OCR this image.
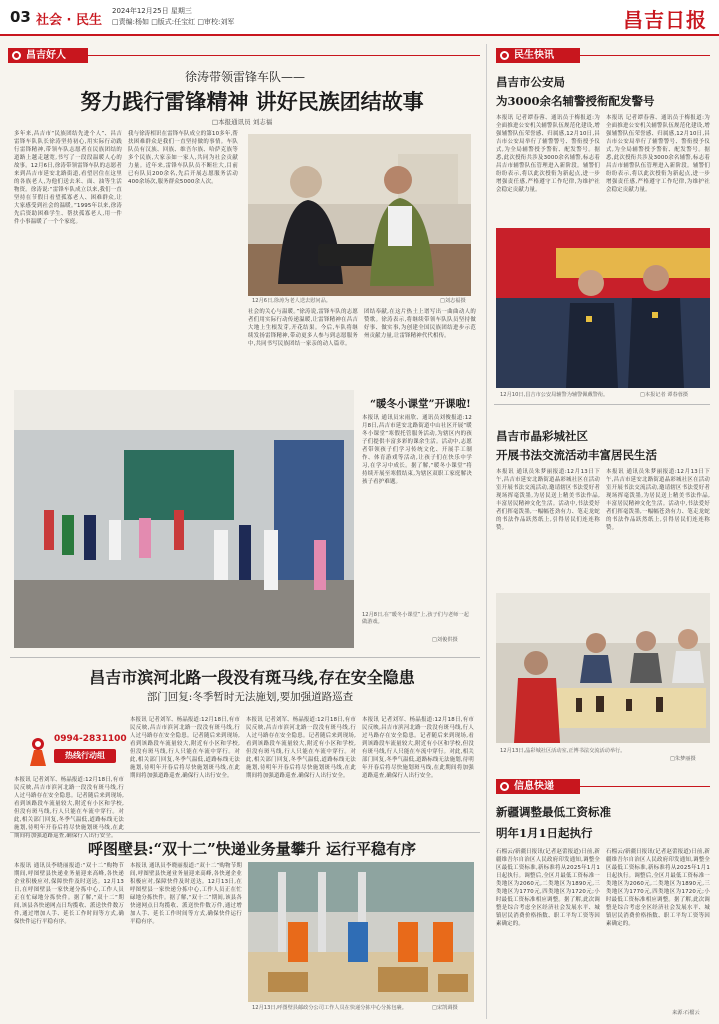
03 社会 · 民生
2024年12月25日 星期三
□责编:杨如 □版式:任宝红 □审校:刘军	昌吉日报
昌吉好人
徐涛带领雷锋车队——
努力践行雷锋精神 讲好民族团结故事
□本报通讯员 刘志福
多年来,昌吉市“民族团结先进个人”、昌吉雷锋车队队长徐涛坚持初心,用实际行动践行雷锋精神,带领车队志愿者在民族团结的道路上越走越宽,书写了一段段温暖人心的故事。12月6日,徐涛带领雷锋车队的志愿者来到昌吉市延安北路街道,看望居住在这里的各族老人,为他们送去米、面、油等生活物资。徐涛说:“雷锋车队成立以来,我们一直坚持在节假日看望孤寡老人、困难群众,让大家感受到社会的温暖。”1995年以来,徐涛先后资助困难学生、帮扶孤寡老人,用一件件小事温暖了一个个家庭。
我与徐涛相识在雷锋车队成立的第10多年,帮扶困难群众是我们一直坚持做的事情。车队队员有汉族、回族、维吾尔族、哈萨克族等多个民族,大家亲如一家人,共同为社会贡献力量。近年来,雷锋车队队员不断壮大,目前已有队员200余名,先后开展志愿服务活动400余场次,服务群众5000余人次。
12月6日,徐涛为老人送去慰问品。	□刘志福摄
社会的关心与温暖。”徐涛说,雷锋车队的志愿者们用实际行动传递温暖,让雷锋精神在昌吉大地上生根发芽,开花结果。今后,车队将继续发扬雷锋精神,带动更多人参与到志愿服务中,共同书写民族团结一家亲的动人篇章。
团结奉献,在这片热土上谱写出一曲曲动人的赞歌。徐涛表示,将继续带领车队队员坚持做好事、做实事,为创建全国民族团结进步示范州贡献力量,让雷锋精神代代相传。
“暖冬小课堂”开课啦!
本报讯 通讯员宋雨欣、通讯员刘俊报道:12月8日,昌吉市延安北路街道中山社区开展“暖冬小课堂”寒假托管服务活动,为辖区内的孩子们提供丰富多彩的课余生活。活动中,志愿者带领孩子们学习传统文化、开展手工制作、体育游戏等活动,让孩子们在快乐中学习,在学习中成长。据了解,“暖冬小课堂”将持续开展至寒假结束,为辖区双职工家庭解决孩子看护难题。
12月8日,在“暖冬小课堂”上,孩子们与老师一起做游戏。
□刘俊供摄
昌吉市滨河北路一段没有斑马线,存在安全隐患
部门回复:冬季暂时无法施划,要加强道路巡查
0994-2831100
热线行动组
本报讯 记者刘军、杨晶报道:12月18日,有市民反映,昌吉市滨河北路一段没有斑马线,行人过马路存在安全隐患。记者随后来到现场,看到该路段车流量较大,附近有小区和学校,但没有斑马线,行人只能在车流中穿行。对此,相关部门回复,冬季气温低,道路标线无法施划,待明年开春后将尽快施划斑马线,在此期间将加强道路巡查,确保行人出行安全。
本报讯 记者刘军、杨晶报道:12月18日,有市民反映,昌吉市滨河北路一段没有斑马线,行人过马路存在安全隐患。记者随后来到现场,看到该路段车流量较大,附近有小区和学校,但没有斑马线,行人只能在车流中穿行。对此,相关部门回复,冬季气温低,道路标线无法施划,待明年开春后将尽快施划斑马线,在此期间将加强道路巡查,确保行人出行安全。
本报讯 记者刘军、杨晶报道:12月18日,有市民反映,昌吉市滨河北路一段没有斑马线,行人过马路存在安全隐患。记者随后来到现场,看到该路段车流量较大,附近有小区和学校,但没有斑马线,行人只能在车流中穿行。对此,相关部门回复,冬季气温低,道路标线无法施划,待明年开春后将尽快施划斑马线,在此期间将加强道路巡查,确保行人出行安全。
本报讯 记者刘军、杨晶报道:12月18日,有市民反映,昌吉市滨河北路一段没有斑马线,行人过马路存在安全隐患。记者随后来到现场,看到该路段车流量较大,附近有小区和学校,但没有斑马线,行人只能在车流中穿行。对此,相关部门回复,冬季气温低,道路标线无法施划,待明年开春后将尽快施划斑马线,在此期间将加强道路巡查,确保行人出行安全。
呼图壁县:“双十二”快递业务量攀升 运行平稳有序
本报讯 通讯员李晓丽报道:“双十二”购物节期间,呼图壁县快递业务量迎来高峰,各快递企业积极应对,保障快件及时送达。12月13日,在呼图壁县一家快递分拣中心,工作人员正在忙碌地分拣快件。据了解,“双十二”期间,该县各快递网点日均揽收、派送快件数万件,通过增加人手、延长工作时间等方式,确保快件运行平稳有序。
本报讯 通讯员李晓丽报道:“双十二”购物节期间,呼图壁县快递业务量迎来高峰,各快递企业积极应对,保障快件及时送达。12月13日,在呼图壁县一家快递分拣中心,工作人员正在忙碌地分拣快件。据了解,“双十二”期间,该县各快递网点日均揽收、派送快件数万件,通过增加人手、延长工作时间等方式,确保快件运行平稳有序。
12月13日,呼图壁县邮政分公司工作人员在快递分拣中心分拣包裹。	□宋凯调摄
民生快讯
昌吉市公安局
为3000余名辅警授衔配发警号
本报讯 记者谭春蓉、通讯员于梅报道:为全面推进公安机关辅警队伍规范化建设,增强辅警队伍荣誉感、归属感,12月10日,昌吉市公安局举行了辅警警号、警衔授予仪式,为全局辅警授予警衔、配发警号。据悉,此次授衔共涉及3000余名辅警,标志着昌吉市辅警队伍管理进入新阶段。辅警们纷纷表示,将以此次授衔为新起点,进一步增强责任感,严格遵守工作纪律,为维护社会稳定贡献力量。
本报讯 记者谭春蓉、通讯员于梅报道:为全面推进公安机关辅警队伍规范化建设,增强辅警队伍荣誉感、归属感,12月10日,昌吉市公安局举行了辅警警号、警衔授予仪式,为全局辅警授予警衔、配发警号。据悉,此次授衔共涉及3000余名辅警,标志着昌吉市辅警队伍管理进入新阶段。辅警们纷纷表示,将以此次授衔为新起点,进一步增强责任感,严格遵守工作纪律,为维护社会稳定贡献力量。
12月10日,昌吉市公安局辅警为辅警佩戴警衔。	□本报记者 谭春蓉摄
昌吉市晶彩城社区
开展书法交流活动丰富居民生活
本报讯 通讯员朱梦丽报道:12月13日下午,昌吉市延安北路街道晶彩城社区在活动室开展书法交流活动,邀请辖区书法爱好者现场挥毫泼墨,为居民送上精美书法作品,丰富居民精神文化生活。活动中,书法爱好者们挥毫泼墨,一幅幅苍劲有力、笔走龙蛇的书法作品跃然纸上,引得居民们连连称赞。
本报讯 通讯员朱梦丽报道:12月13日下午,昌吉市延安北路街道晶彩城社区在活动室开展书法交流活动,邀请辖区书法爱好者现场挥毫泼墨,为居民送上精美书法作品,丰富居民精神文化生活。活动中,书法爱好者们挥毫泼墨,一幅幅苍劲有力、笔走龙蛇的书法作品跃然纸上,引得居民们连连称赞。
12月13日,晶彩城社区活动室,正博书法交流活动举行。
□朱梦丽摄
信息快递
新疆调整最低工资标准
明年1月1日起执行
石榴云/新疆日报讯(记者赵蕾报道)日前,新疆维吾尔自治区人民政府印发通知,调整全区最低工资标准,新标准将从2025年1月1日起执行。调整后,全区月最低工资标准一类地区为2060元,二类地区为1890元,三类地区为1770元,四类地区为1720元;小时最低工资标准相应调整。据了解,此次调整是综合考虑全区经济社会发展水平、城镇居民消费价格指数、职工平均工资等因素确定的。
石榴云/新疆日报讯(记者赵蕾报道)日前,新疆维吾尔自治区人民政府印发通知,调整全区最低工资标准,新标准将从2025年1月1日起执行。调整后,全区月最低工资标准一类地区为2060元,二类地区为1890元,三类地区为1770元,四类地区为1720元;小时最低工资标准相应调整。据了解,此次调整是综合考虑全区经济社会发展水平、城镇居民消费价格指数、职工平均工资等因素确定的。
来源:石榴云
